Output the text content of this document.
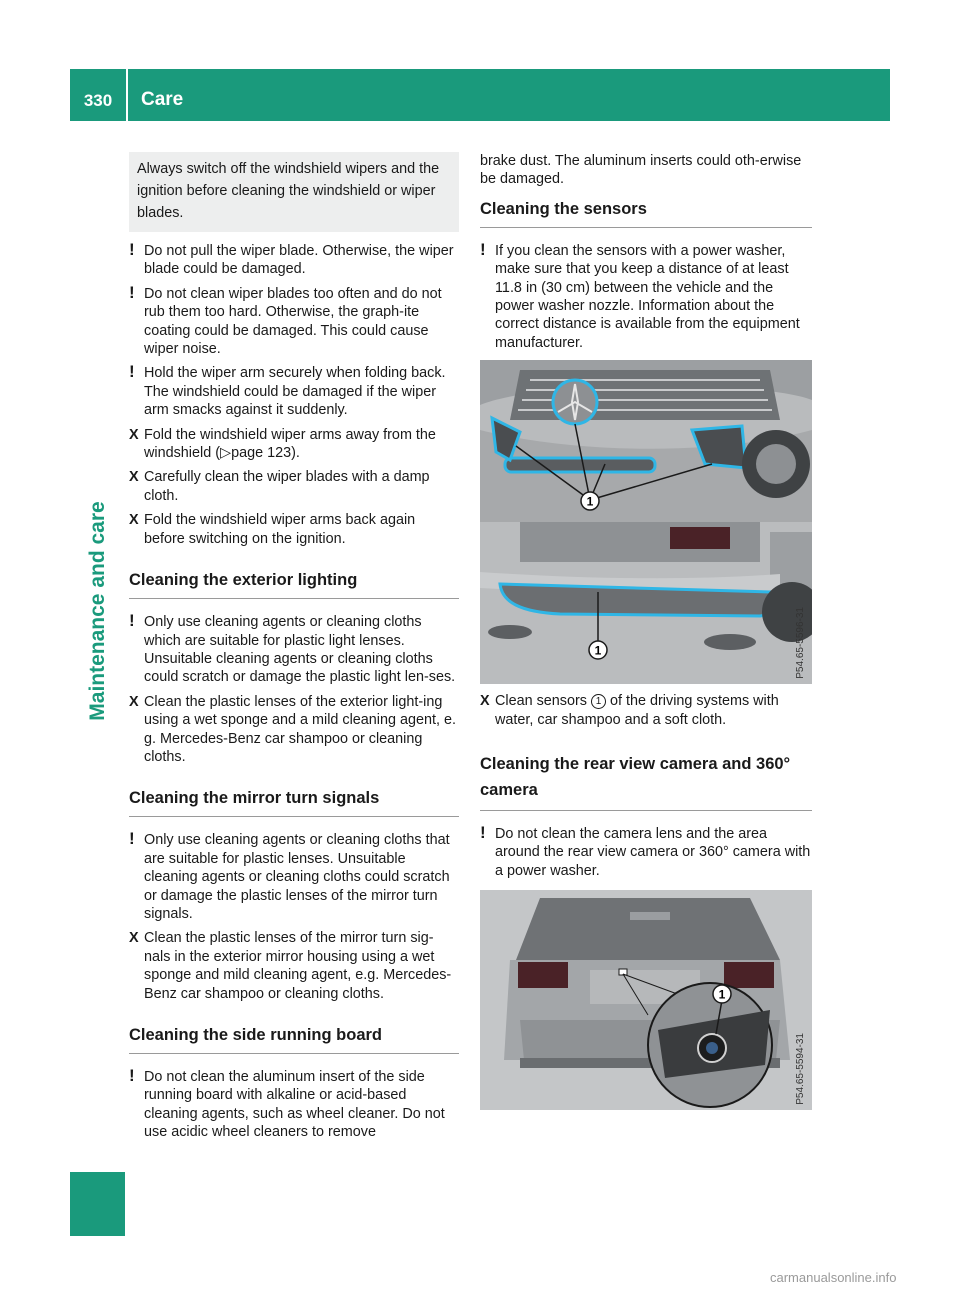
330	Care
Maintenance and care
Always switch off the windshield wipers and the ignition before cleaning the windshield or wiper blades.
! Do not pull the wiper blade. Otherwise, the wiper blade could be damaged.
! Do not clean wiper blades too often and do not rub them too hard. Otherwise, the graph-ite coating could be damaged. This could cause wiper noise.
! Hold the wiper arm securely when folding back. The windshield could be damaged if the wiper arm smacks against it suddenly.
X Fold the windshield wiper arms away from the windshield (▷page 123).
X Carefully clean the wiper blades with a damp cloth.
X Fold the windshield wiper arms back again before switching on the ignition.
Cleaning the exterior lighting
! Only use cleaning agents or cleaning cloths which are suitable for plastic light lenses. Unsuitable cleaning agents or cleaning cloths could scratch or damage the plastic light len-ses.
X Clean the plastic lenses of the exterior light-ing using a wet sponge and a mild cleaning agent, e. g. Mercedes-Benz car shampoo or cleaning cloths.
Cleaning the mirror turn signals
! Only use cleaning agents or cleaning cloths that are suitable for plastic lenses. Unsuitable cleaning agents or cleaning cloths could scratch or damage the plastic lenses of the mirror turn signals.
X Clean the plastic lenses of the mirror turn sig-nals in the exterior mirror housing using a wet sponge and mild cleaning agent, e.g. Mercedes-Benz car shampoo or cleaning cloths.
Cleaning the side running board
! Do not clean the aluminum insert of the side running board with alkaline or acid-based cleaning agents, such as wheel cleaner. Do not use acidic wheel cleaners to remove
brake dust. The aluminum inserts could oth-erwise be damaged.
Cleaning the sensors
! If you clean the sensors with a power washer, make sure that you keep a distance of at least 11.8 in (30 cm) between the vehicle and the power washer nozzle. Information about the correct distance is available from the equipment manufacturer.
1
1	P54.65-5596-31
X Clean sensors 1 of the driving systems with water, car shampoo and a soft cloth.
Cleaning the rear view camera and 360° camera
! Do not clean the camera lens and the area around the rear view camera or 360° camera with a power washer.
1
P54.65-5594-31
carmanualsonline.info
